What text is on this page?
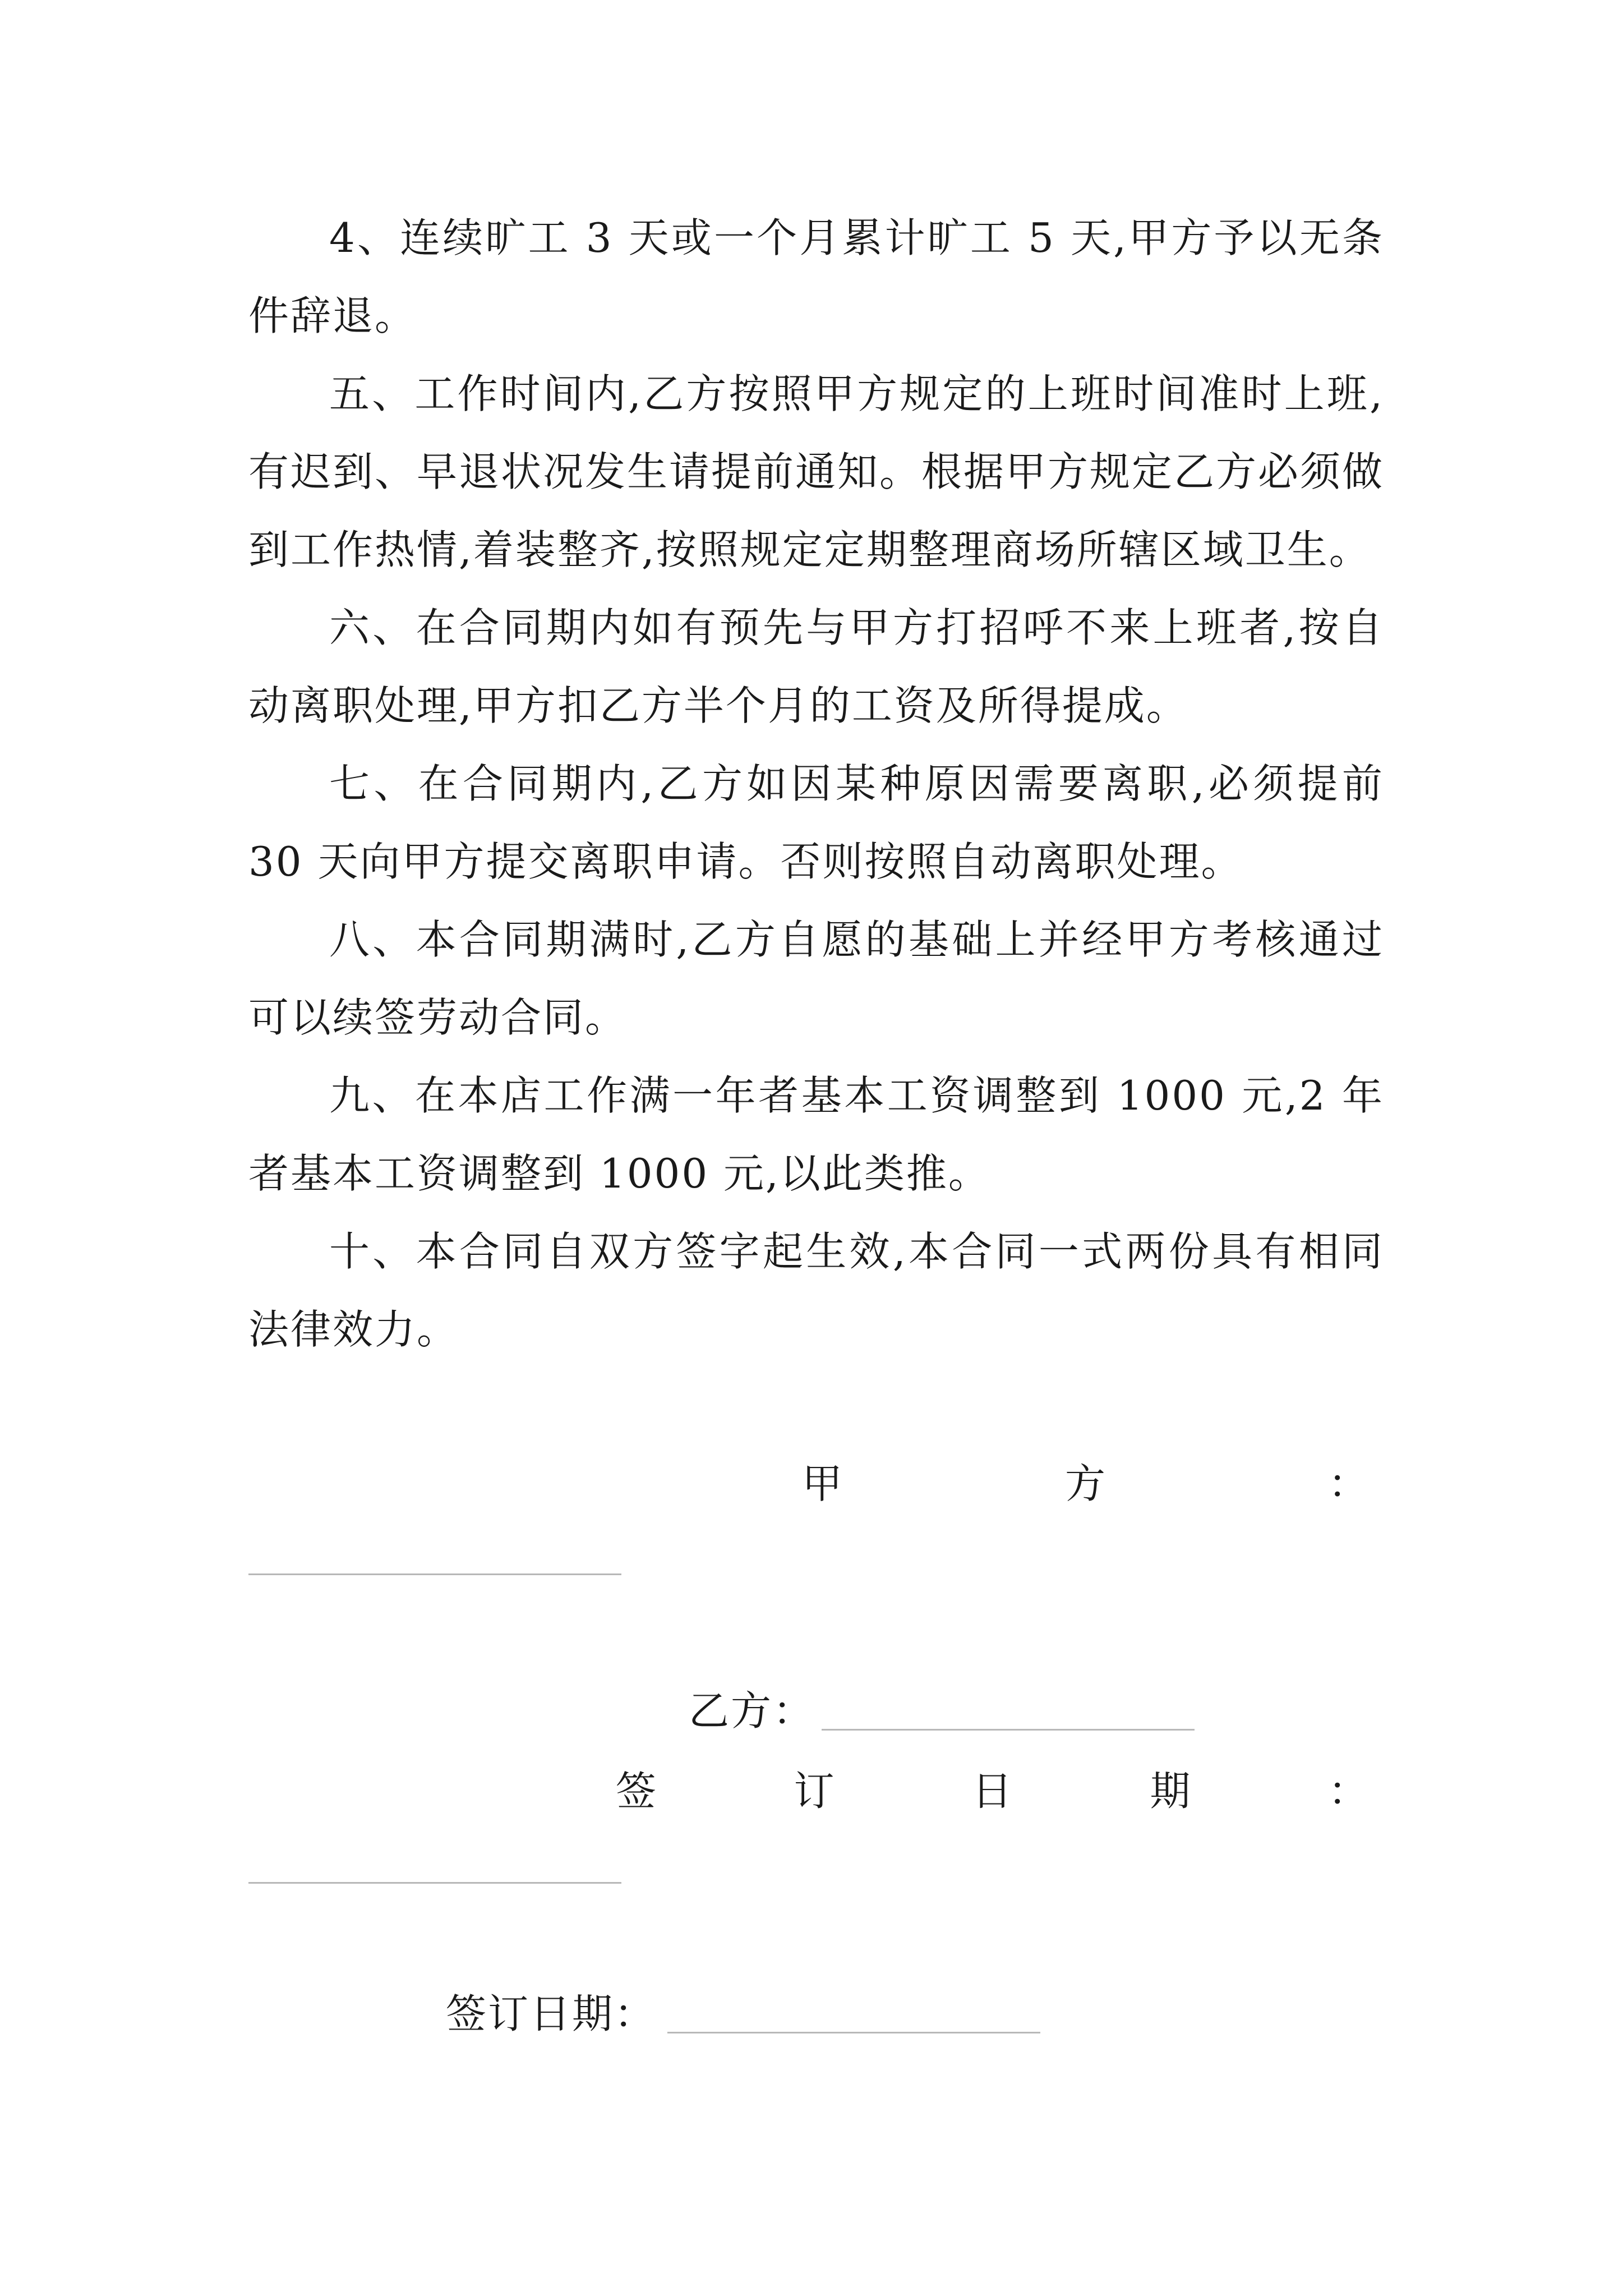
4、连续旷工 3 天或一个月累计旷工 5 天,甲方予以无条件辞退。

五、工作时间内,乙方按照甲方规定的上班时间准时上班,有迟到、早退状况发生请提前通知。根据甲方规定乙方必须做到工作热情,着装整齐,按照规定定期整理商场所辖区域卫生。

六、在合同期内如有预先与甲方打招呼不来上班者,按自动离职处理,甲方扣乙方半个月的工资及所得提成。

七、在合同期内,乙方如因某种原因需要离职,必须提前 30 天向甲方提交离职申请。否则按照自动离职处理。

八、本合同期满时,乙方自愿的基础上并经甲方考核通过可以续签劳动合同。

九、在本店工作满一年者基本工资调整到 1000 元,2 年者基本工资调整到 1000 元,以此类推。

十、本合同自双方签字起生效,本合同一式两份具有相同法律效力。

甲	方	：
乙方：
签	订	日	期	：
签订日期：
